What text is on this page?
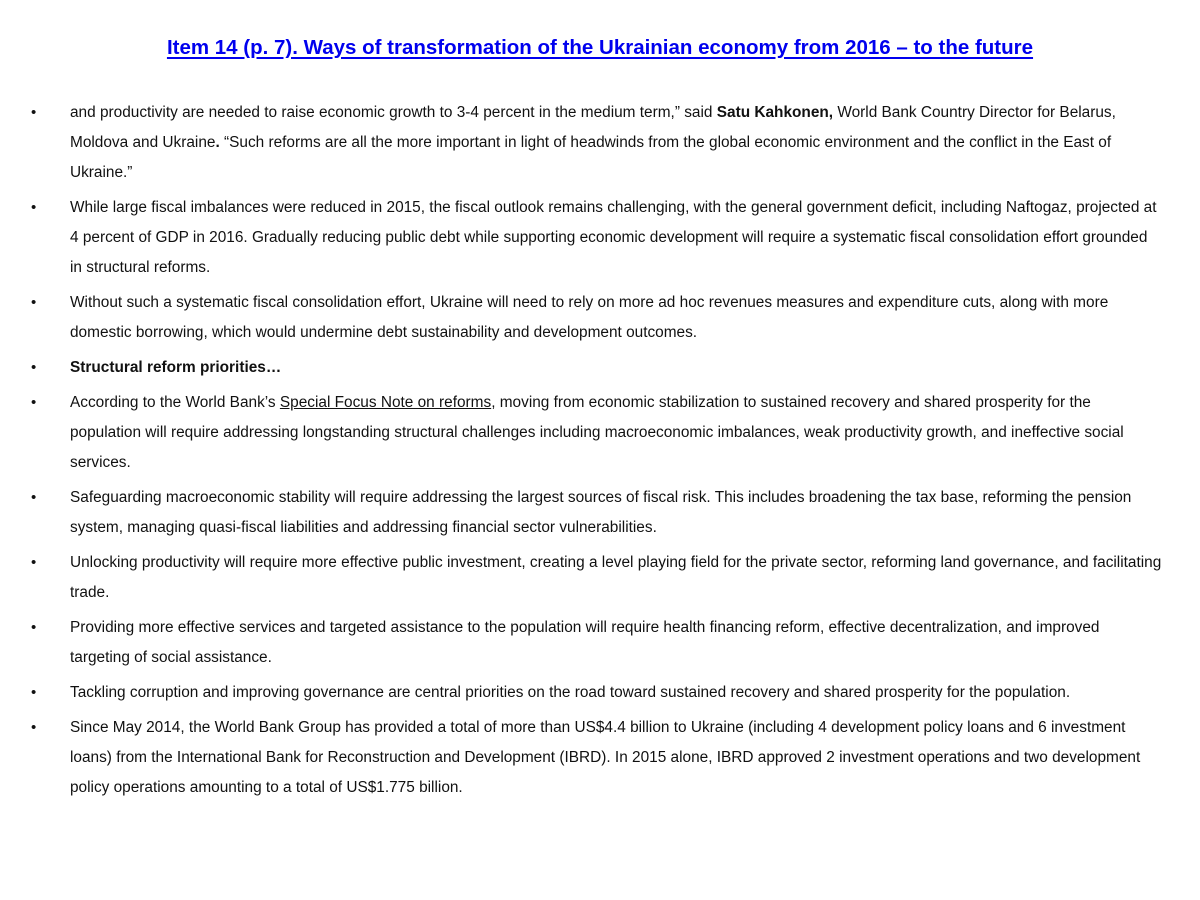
Item 14 (p. 7). Ways of transformation of the Ukrainian economy from 2016 – to the future
• and productivity are needed to raise economic growth to 3-4 percent in the medium term,” said Satu Kahkonen, World Bank Country Director for Belarus, Moldova and Ukraine. “Such reforms are all the more important in light of headwinds from the global economic environment and the conflict in the East of Ukraine.”
• While large fiscal imbalances were reduced in 2015, the fiscal outlook remains challenging, with the general government deficit, including Naftogaz, projected at 4 percent of GDP in 2016. Gradually reducing public debt while supporting economic development will require a systematic fiscal consolidation effort grounded in structural reforms.
• Without such a systematic fiscal consolidation effort, Ukraine will need to rely on more ad hoc revenues measures and expenditure cuts, along with more domestic borrowing, which would undermine debt sustainability and development outcomes.
• Structural reform priorities…
• According to the World Bank’s Special Focus Note on reforms, moving from economic stabilization to sustained recovery and shared prosperity for the population will require addressing longstanding structural challenges including macroeconomic imbalances, weak productivity growth, and ineffective social services.
• Safeguarding macroeconomic stability will require addressing the largest sources of fiscal risk. This includes broadening the tax base, reforming the pension system, managing quasi-fiscal liabilities and addressing financial sector vulnerabilities.
• Unlocking productivity will require more effective public investment, creating a level playing field for the private sector, reforming land governance, and facilitating trade.
• Providing more effective services and targeted assistance to the population will require health financing reform, effective decentralization, and improved targeting of social assistance.
• Tackling corruption and improving governance are central priorities on the road toward sustained recovery and shared prosperity for the population.
• Since May 2014, the World Bank Group has provided a total of more than US$4.4 billion to Ukraine (including 4 development policy loans and 6 investment loans) from the International Bank for Reconstruction and Development (IBRD). In 2015 alone, IBRD approved 2 investment operations and two development policy operations amounting to a total of US$1.775 billion.
